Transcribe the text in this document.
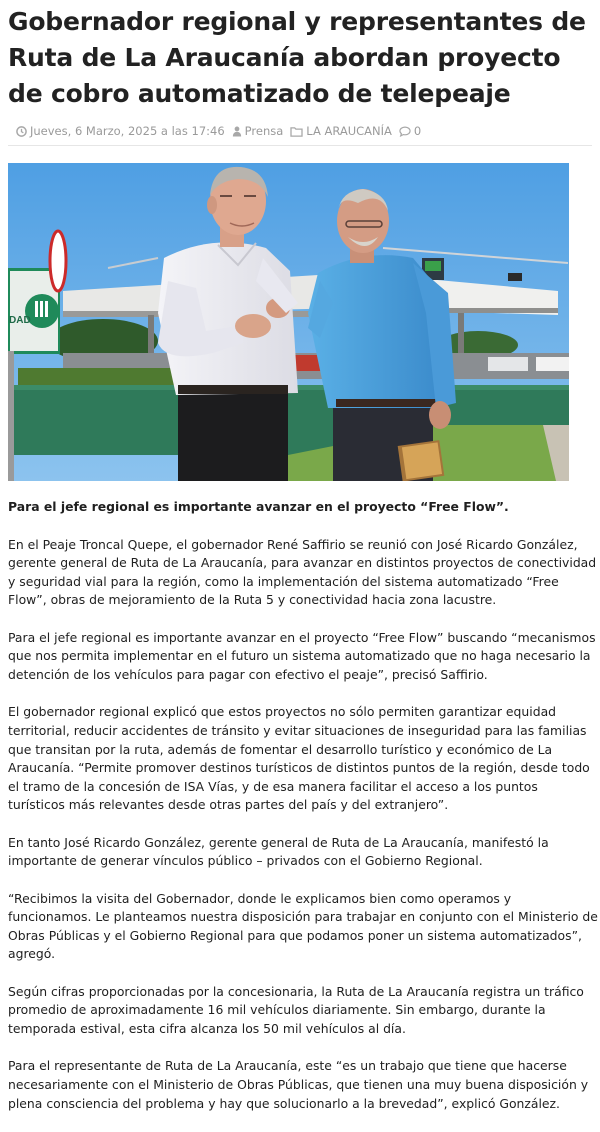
Gobernador regional y representantes de Ruta de La Araucanía abordan proyecto de cobro automatizado de telepeaje
Jueves, 6 Marzo, 2025 a las 17:46 Prensa LA ARAUCANÍA 0
DAD

Para el jefe regional es importante avanzar en el proyecto “Free Flow”.

En el Peaje Troncal Quepe, el gobernador René Saffirio se reunió con José Ricardo González, gerente general de Ruta de La Araucanía, para avanzar en distintos proyectos de conectividad y seguridad vial para la región, como la implementación del sistema automatizado “Free Flow”, obras de mejoramiento de la Ruta 5 y conectividad hacia zona lacustre.

Para el jefe regional es importante avanzar en el proyecto “Free Flow” buscando “mecanismos que nos permita implementar en el futuro un sistema automatizado que no haga necesario la detención de los vehículos para pagar con efectivo el peaje”, precisó Saffirio.

El gobernador regional explicó que estos proyectos no sólo permiten garantizar equidad territorial, reducir accidentes de tránsito y evitar situaciones de inseguridad para las familias que transitan por la ruta, además de fomentar el desarrollo turístico y económico de La Araucanía. “Permite promover destinos turísticos de distintos puntos de la región, desde todo el tramo de la concesión de ISA Vías, y de esa manera facilitar el acceso a los puntos turísticos más relevantes desde otras partes del país y del extranjero”.

En tanto José Ricardo González, gerente general de Ruta de La Araucanía, manifestó la importante de generar vínculos público – privados con el Gobierno Regional.

“Recibimos la visita del Gobernador, donde le explicamos bien como operamos y funcionamos. Le planteamos nuestra disposición para trabajar en conjunto con el Ministerio de Obras Públicas y el Gobierno Regional para que podamos poner un sistema automatizados”, agregó.

Según cifras proporcionadas por la concesionaria, la Ruta de La Araucanía registra un tráfico promedio de aproximadamente 16 mil vehículos diariamente. Sin embargo, durante la temporada estival, esta cifra alcanza los 50 mil vehículos al día.

Para el representante de Ruta de La Araucanía, este “es un trabajo que tiene que hacerse necesariamente con el Ministerio de Obras Públicas, que tienen una muy buena disposición y plena consciencia del problema y hay que solucionarlo a la brevedad”, explicó González.
